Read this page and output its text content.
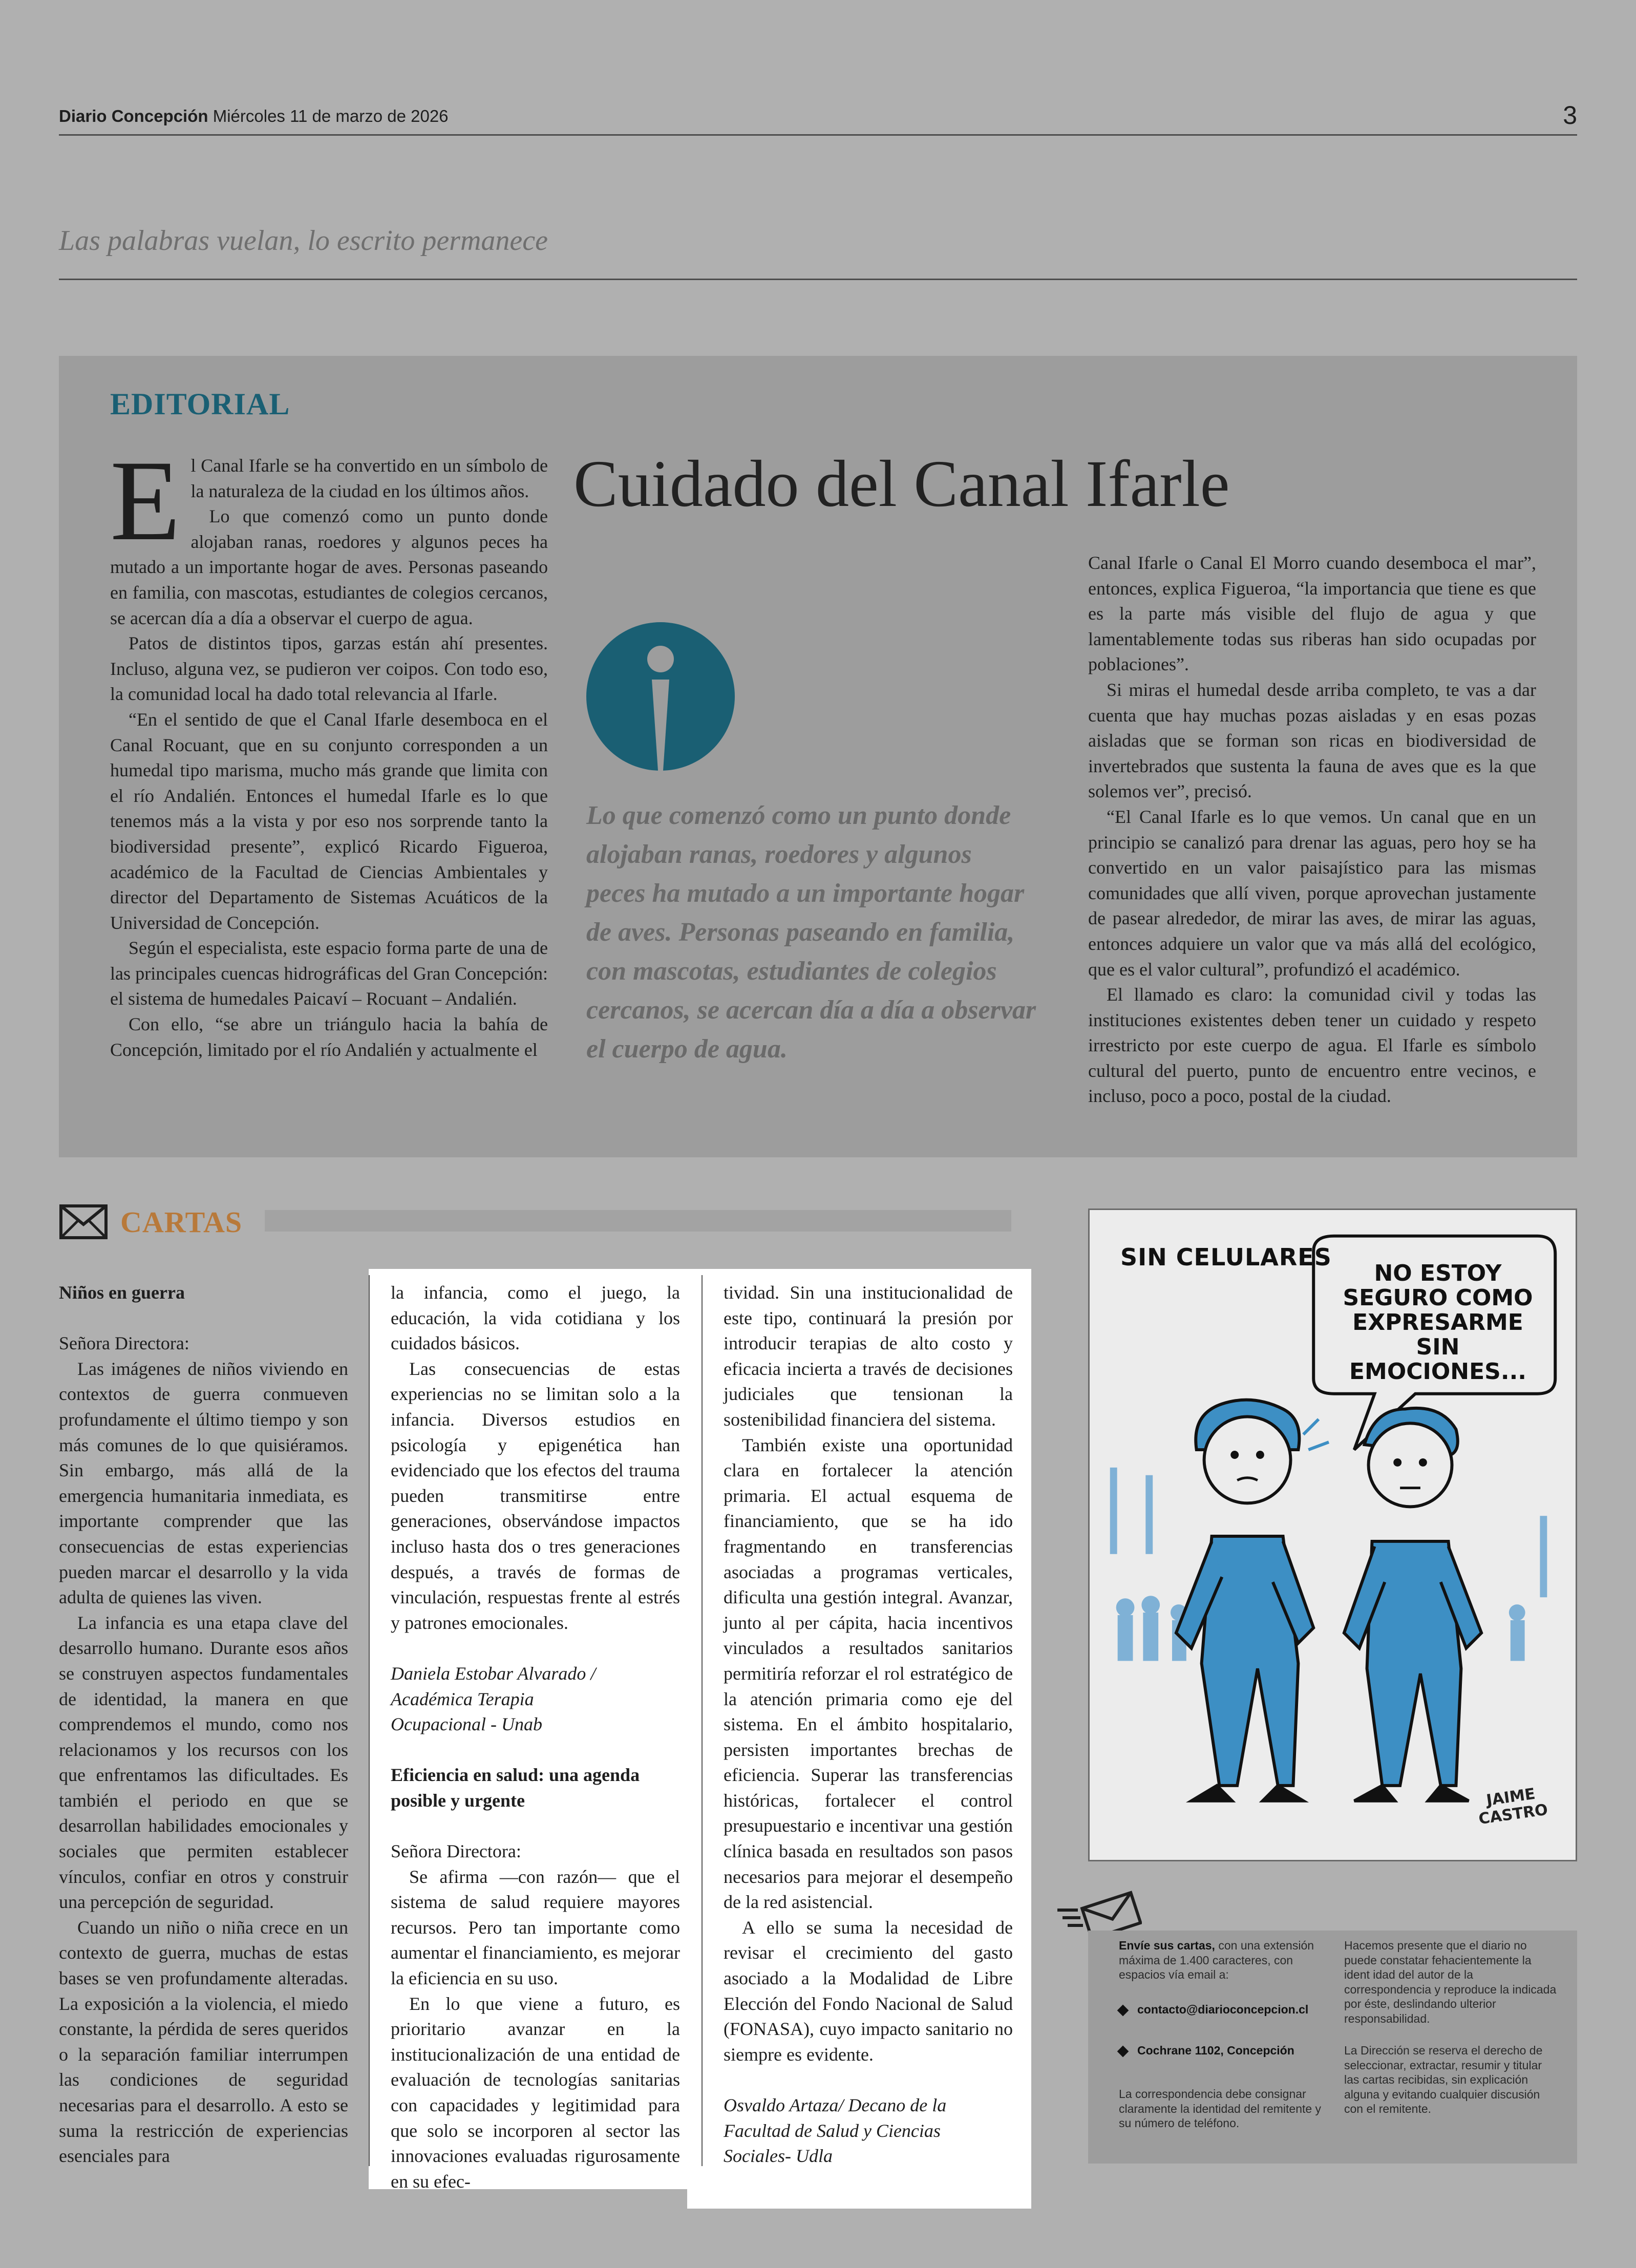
Diario Concepción Miércoles 11 de marzo de 2026	3
Las palabras vuelan, lo escrito permanece
EDITORIAL
Cuidado del Canal Ifarle

El Canal Ifarle se ha convertido en un símbolo de la naturaleza de la ciudad en los últimos años.

Lo que comenzó como un punto donde alojaban ranas, roedores y algunos peces ha mutado a un importante hogar de aves. Personas paseando en familia, con mascotas, estudiantes de colegios cercanos, se acercan día a día a observar el cuerpo de agua.

Patos de distintos tipos, garzas están ahí presentes. Incluso, alguna vez, se pudieron ver coipos. Con todo eso, la comunidad local ha dado total relevancia al Ifarle.

“En el sentido de que el Canal Ifarle desemboca en el Canal Rocuant, que en su conjunto corresponden a un humedal tipo marisma, mucho más grande que limita con el río Andalién. Entonces el humedal Ifarle es lo que tenemos más a la vista y por eso nos sorprende tanto la biodiversidad presente”, explicó Ricardo Figueroa, académico de la Facultad de Ciencias Ambientales y director del Departamento de Sistemas Acuáticos de la Universidad de Concepción.

Según el especialista, este espacio forma parte de una de las principales cuencas hidrográficas del Gran Concepción: el sistema de humedales Paicaví – Rocuant – Andalién.

Con ello, “se abre un triángulo hacia la bahía de Concepción, limitado por el río Andalién y actualmente el

Lo que comenzó como un punto donde alojaban ranas, roedores y algunos peces ha mutado a un importante hogar de aves. Personas paseando en familia, con mascotas, estudiantes de colegios cercanos, se acercan día a día a observar el cuerpo de agua.

Canal Ifarle o Canal El Morro cuando desemboca el mar”, entonces, explica Figueroa, “la importancia que tiene es que es la parte más visible del flujo de agua y que lamentablemente todas sus riberas han sido ocupadas por poblaciones”.

Si miras el humedal desde arriba completo, te vas a dar cuenta que hay muchas pozas aisladas y en esas pozas aisladas que se forman son ricas en biodiversidad de invertebrados que sustenta la fauna de aves que es la que solemos ver”, precisó.

“El Canal Ifarle es lo que vemos. Un canal que en un principio se canalizó para drenar las aguas, pero hoy se ha convertido en un valor paisajístico para las mismas comunidades que allí viven, porque aprovechan justamente de pasear alrededor, de mirar las aves, de mirar las aguas, entonces adquiere un valor que va más allá del ecológico, que es el valor cultural”, profundizó el académico.

El llamado es claro: la comunidad civil y todas las instituciones existentes deben tener un cuidado y respeto irrestricto por este cuerpo de agua. El Ifarle es símbolo cultural del puerto, punto de encuentro entre vecinos, e incluso, poco a poco, postal de la ciudad.

CARTAS

Niños en guerra

Señora Directora:

Las imágenes de niños viviendo en contextos de guerra conmueven profundamente el último tiempo y son más comunes de lo que quisiéramos. Sin embargo, más allá de la emergencia humanitaria inmediata, es importante comprender que las consecuencias de estas experiencias pueden marcar el desarrollo y la vida adulta de quienes las viven.

La infancia es una etapa clave del desarrollo humano. Durante esos años se construyen aspectos fundamentales de identidad, la manera en que comprendemos el mundo, como nos relacionamos y los recursos con los que enfrentamos las dificultades. Es también el periodo en que se desarrollan habilidades emocionales y sociales que permiten establecer vínculos, confiar en otros y construir una percepción de seguridad.

Cuando un niño o niña crece en un contexto de guerra, muchas de estas bases se ven profundamente alteradas. La exposición a la violencia, el miedo constante, la pérdida de seres queridos o la separación familiar interrumpen las condiciones de seguridad necesarias para el desarrollo. A esto se suma la restricción de experiencias esenciales para

la infancia, como el juego, la educación, la vida cotidiana y los cuidados básicos.

Las consecuencias de estas experiencias no se limitan solo a la infancia. Diversos estudios en psicología y epigenética han evidenciado que los efectos del trauma pueden transmitirse entre generaciones, observándose impactos incluso hasta dos o tres generaciones después, a través de formas de vinculación, respuestas frente al estrés y patrones emocionales.

Daniela Estobar Alvarado /

Académica Terapia

Ocupacional - Unab

Eficiencia en salud: una agenda posible y urgente

Señora Directora:

Se afirma —con razón— que el sistema de salud requiere mayores recursos. Pero tan importante como aumentar el financiamiento, es mejorar la eficiencia en su uso.

En lo que viene a futuro, es prioritario avanzar en la institucionalización de una entidad de evaluación de tecnologías sanitarias con capacidades y legitimidad para que solo se incorporen al sector las innovaciones evaluadas rigurosamente en su efec-

tividad. Sin una institucionalidad de este tipo, continuará la presión por introducir terapias de alto costo y eficacia incierta a través de decisiones judiciales que tensionan la sostenibilidad financiera del sistema.

También existe una oportunidad clara en fortalecer la atención primaria. El actual esquema de financiamiento, que se ha ido fragmentando en transferencias asociadas a programas verticales, dificulta una gestión integral. Avanzar, junto al per cápita, hacia incentivos vinculados a resultados sanitarios permitiría reforzar el rol estratégico de la atención primaria como eje del sistema. En el ámbito hospitalario, persisten importantes brechas de eficiencia. Superar las transferencias históricas, fortalecer el control presupuestario e incentivar una gestión clínica basada en resultados son pasos necesarios para mejorar el desempeño de la red asistencial.

A ello se suma la necesidad de revisar el crecimiento del gasto asociado a la Modalidad de Libre Elección del Fondo Nacional de Salud (FONASA), cuyo impacto sanitario no siempre es evidente.

Osvaldo Artaza/ Decano de la

Facultad de Salud y Ciencias

Sociales- Udla

SIN CELULARES
NO ESTOY SEGURO COMO EXPRESARME SIN EMOCIONES...
JAIME CASTRO
Envíe sus cartas, con una extensión máxima de 1.400 caracteres, con espacios vía email a:
contacto@diarioconcepcion.cl
Cochrane 1102, Concepción
La correspondencia debe consignar claramente la identidad del remitente y su número de teléfono.
Hacemos presente que el diario no puede constatar fehacientemente la ident idad del autor de la correspondencia y reproduce la indicada por éste, deslindando ulterior responsabilidad.
La Dirección se reserva el derecho de seleccionar, extractar, resumir y titular las cartas recibidas, sin explicación alguna y evitando cualquier discusión con el remitente.
